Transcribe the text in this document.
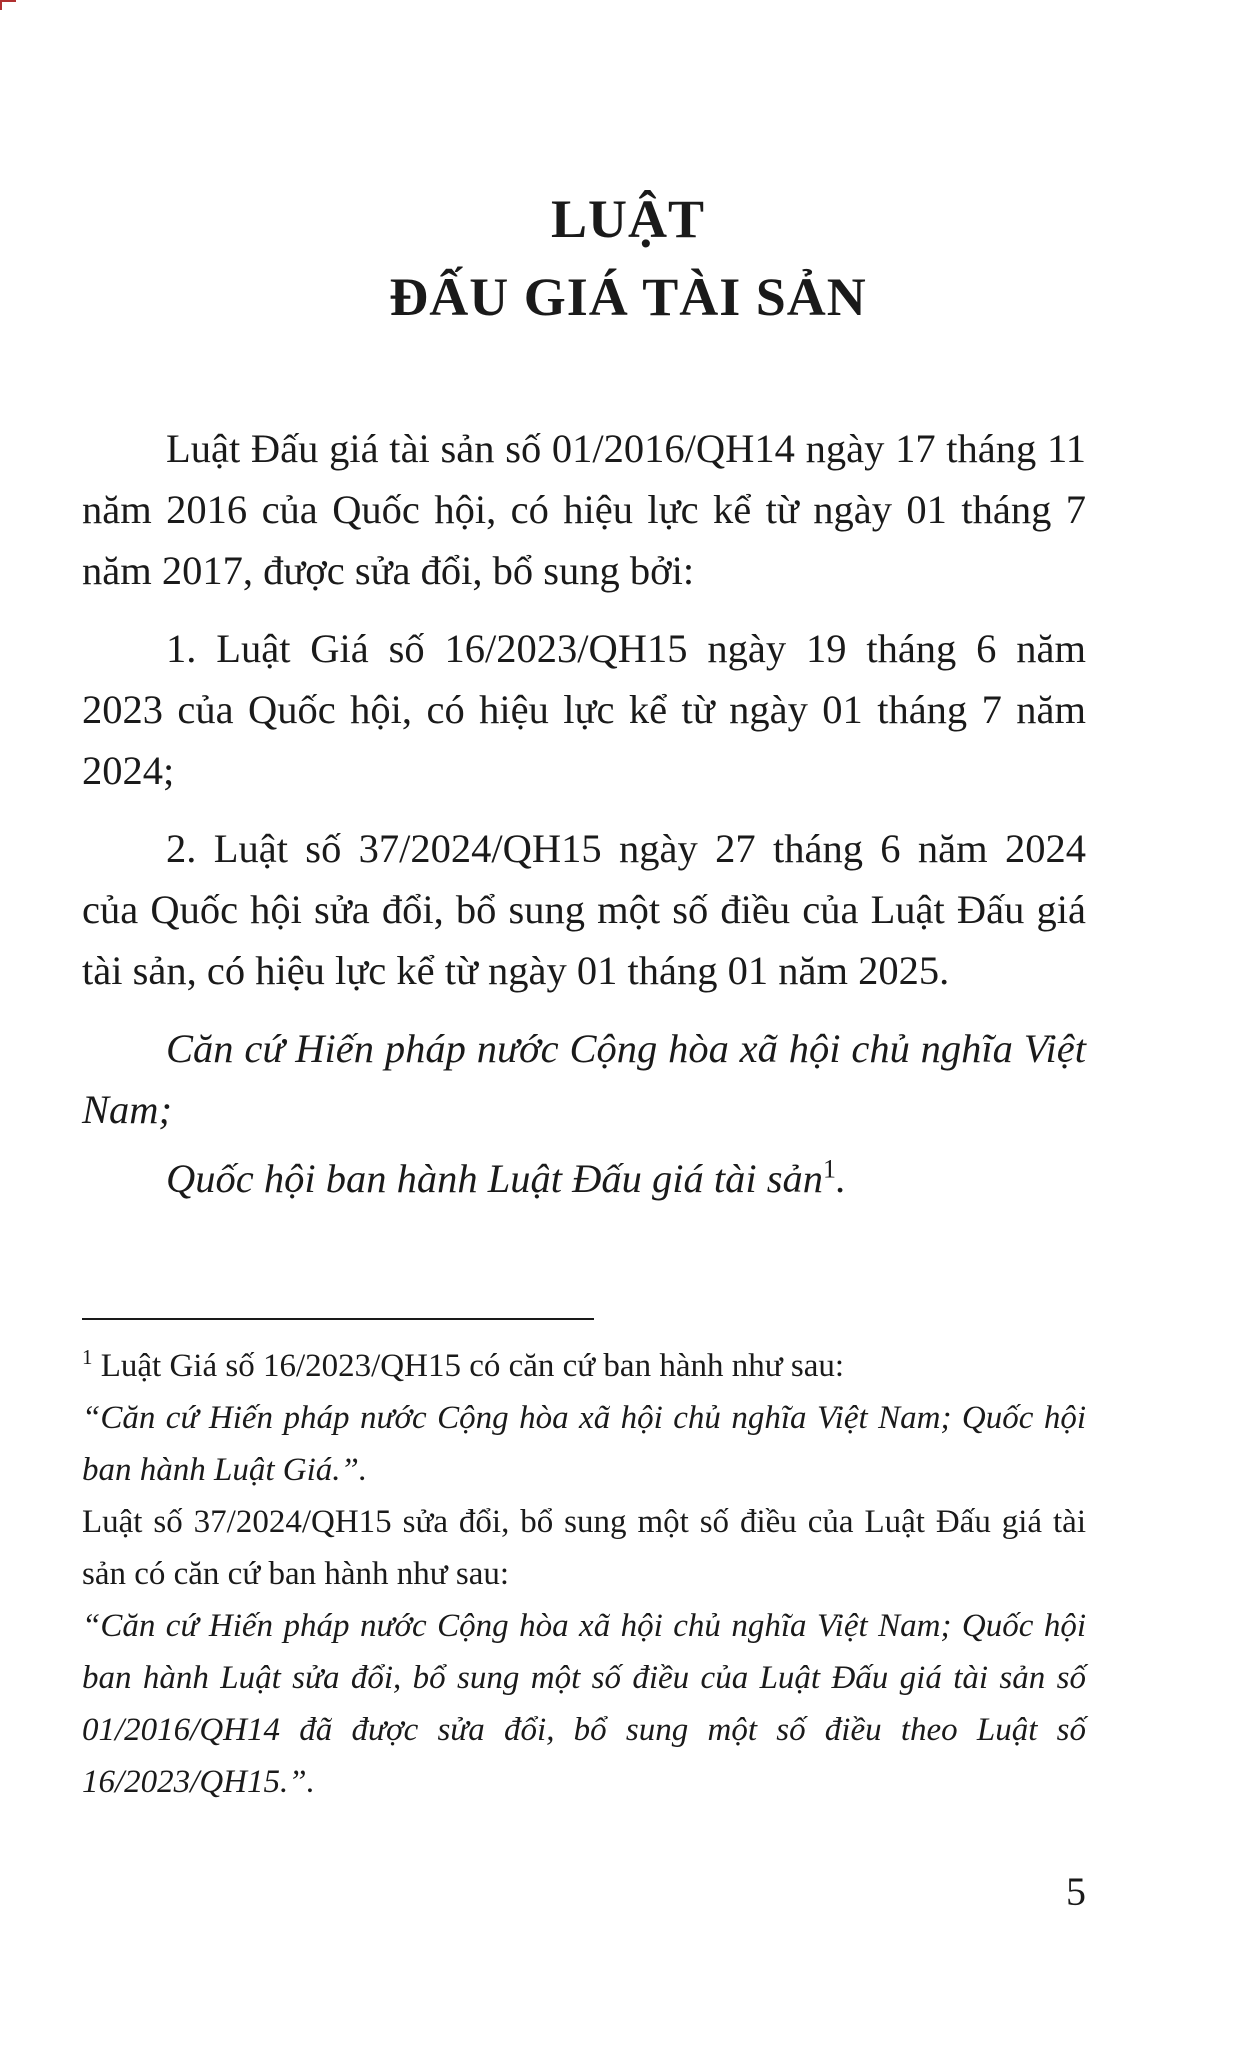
LUẬT
ĐẤU GIÁ TÀI SẢN
Luật Đấu giá tài sản số 01/2016/QH14 ngày 17 tháng 11 năm 2016 của Quốc hội, có hiệu lực kể từ ngày 01 tháng 7 năm 2017, được sửa đổi, bổ sung bởi:
1. Luật Giá số 16/2023/QH15 ngày 19 tháng 6 năm 2023 của Quốc hội, có hiệu lực kể từ ngày 01 tháng 7 năm 2024;
2. Luật số 37/2024/QH15 ngày 27 tháng 6 năm 2024 của Quốc hội sửa đổi, bổ sung một số điều của Luật Đấu giá tài sản, có hiệu lực kể từ ngày 01 tháng 01 năm 2025.
Căn cứ Hiến pháp nước Cộng hòa xã hội chủ nghĩa Việt Nam;
Quốc hội ban hành Luật Đấu giá tài sản$^1$.
$^1$ Luật Giá số 16/2023/QH15 có căn cứ ban hành như sau:
“Căn cứ Hiến pháp nước Cộng hòa xã hội chủ nghĩa Việt Nam; Quốc hội ban hành Luật Giá.”.
Luật số 37/2024/QH15 sửa đổi, bổ sung một số điều của Luật Đấu giá tài sản có căn cứ ban hành như sau:
“Căn cứ Hiến pháp nước Cộng hòa xã hội chủ nghĩa Việt Nam; Quốc hội ban hành Luật sửa đổi, bổ sung một số điều của Luật Đấu giá tài sản số 01/2016/QH14 đã được sửa đổi, bổ sung một số điều theo Luật số 16/2023/QH15.”.
5
